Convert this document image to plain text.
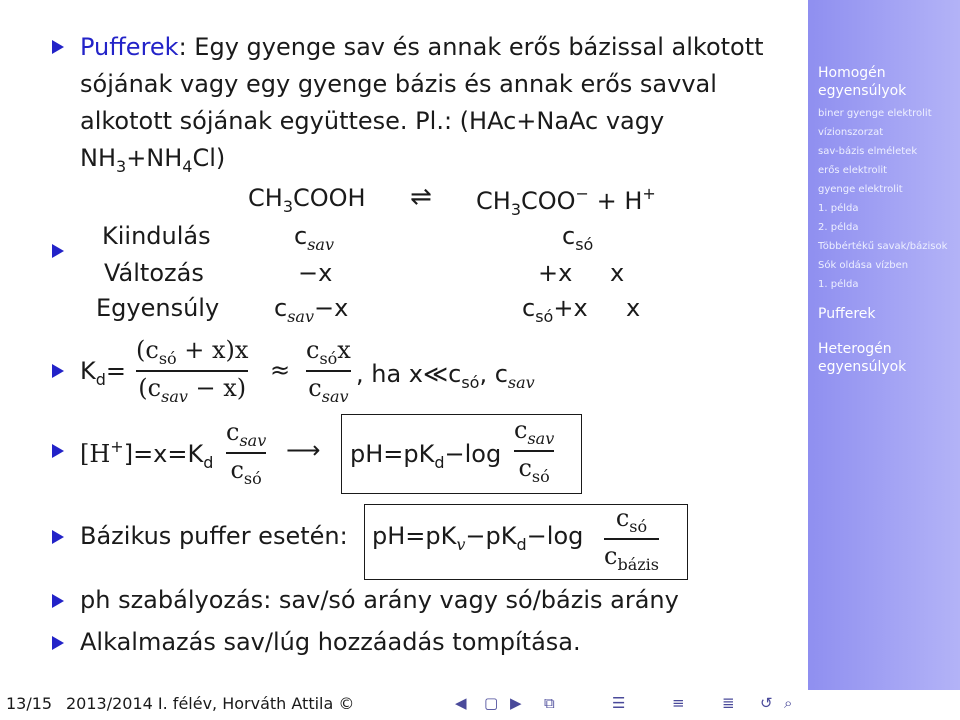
Pufferek: Egy gyenge sav és annak erős bázissal alkotott
sójának vagy egy gyenge bázis és annak erős savval
alkotott sójának együttese. Pl.: (HAc+NaAc vagy
$NH_3+NH_4Cl$)
$CH_3COOH$ ⇌ $CH_3COO^- + H^+$
Kiindulás	$c_{sav}$	$c_{só}$
Változás	−x	+x x
Egyensúly $c_{sav}-x$	$c_{só}+x$ x
$K_d=$
$(c_{só} + x)x$
$(c_{sav} - x)$
≈
$c_{só}x$
$c_{sav}$
, ha $x≪c_{só}$, $c_{sav}$
$[H^+]=x=K_d$
$c_{sav}$
$c_{só}$
⟶ $pH=pK_d-\log$
$c_{sav}$
$c_{só}$
Bázikus puffer esetén: $pH=pK_v-pK_d-\log$
$c_{só}$
$c_{bázis}$
ph szabályozás: sav/só arány vagy só/bázis arány
Alkalmazás sav/lúg hozzáadás tompítása.
Homogén egyensúlyok
biner gyenge elektrolit
vízionszorzat
sav-bázis elméletek
erős elektrolit
gyenge elektrolit
1. példa
2. példa
Többértékű savak/bázisok
Sók oldása vízben
1. példa
Pufferek
Heterogén egyensúlyok
13/15 2013/2014 I. félév, Horváth Attila ©	◀ ▢ ▶ ⧉	☰	≡ ≣ ↺ ⌕
